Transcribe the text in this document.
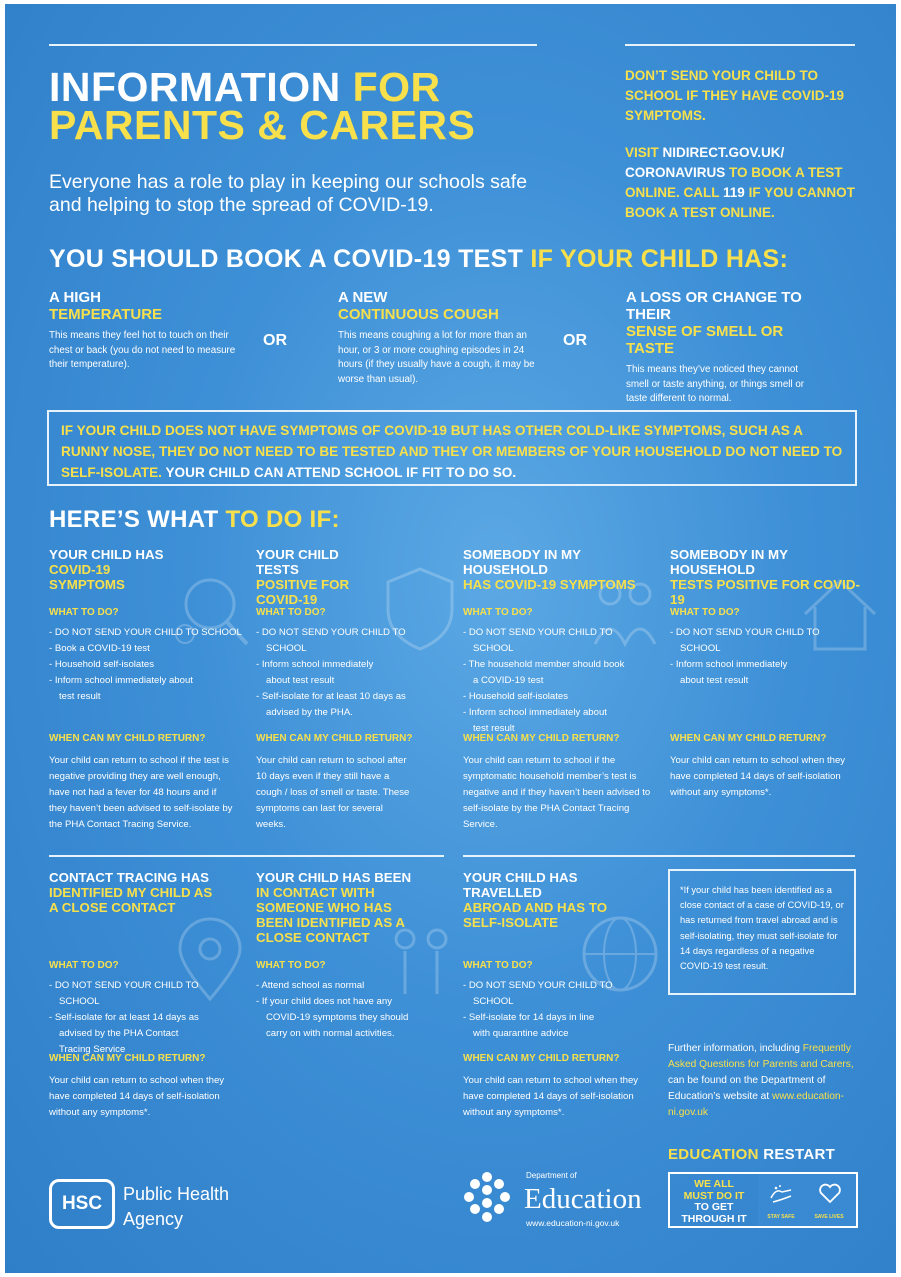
INFORMATION FOR
PARENTS & CARERS
Everyone has a role to play in keeping our schools safe and helping to stop the spread of COVID-19.
DON’T SEND YOUR CHILD TO SCHOOL IF THEY HAVE COVID-19 SYMPTOMS.
VISIT NIDIRECT.GOV.UK/
CORONAVIRUS TO BOOK A TEST ONLINE. CALL 119 IF YOU CANNOT BOOK A TEST ONLINE.
YOU SHOULD BOOK A COVID-19 TEST IF YOUR CHILD HAS:
A HIGH
TEMPERATURE
This means they feel hot to touch on their chest or back (you do not need to measure their temperature).
OR
A NEW
CONTINUOUS COUGH
This means coughing a lot for more than an hour, or 3 or more coughing episodes in 24 hours (if they usually have a cough, it may be worse than usual).
OR
A LOSS OR CHANGE TO THEIR
SENSE OF SMELL OR TASTE
This means they’ve noticed they cannot smell or taste anything, or things smell or taste different to normal.
IF YOUR CHILD DOES NOT HAVE SYMPTOMS OF COVID-19 BUT HAS OTHER COLD-LIKE SYMPTOMS, SUCH AS A RUNNY NOSE, THEY DO NOT NEED TO BE TESTED AND THEY OR MEMBERS OF YOUR HOUSEHOLD DO NOT NEED TO SELF-ISOLATE. YOUR CHILD CAN ATTEND SCHOOL IF FIT TO DO SO.
HERE’S WHAT TO DO IF:
YOUR CHILD HAS
COVID-19 SYMPTOMS
WHAT TO DO?
- DO NOT SEND YOUR CHILD TO SCHOOL
- Book a COVID-19 test
- Household self-isolates
- Inform school immediately about test result
WHEN CAN MY CHILD RETURN?
Your child can return to school if the test is negative providing they are well enough, have not had a fever for 48 hours and if they haven’t been advised to self-isolate by the PHA Contact Tracing Service.
YOUR CHILD TESTS
POSITIVE FOR COVID-19
WHAT TO DO?
- DO NOT SEND YOUR CHILD TO SCHOOL
- Inform school immediately about test result
- Self-isolate for at least 10 days as advised by the PHA.
WHEN CAN MY CHILD RETURN?
Your child can return to school after 10 days even if they still have a cough / loss of smell or taste. These symptoms can last for several weeks.
SOMEBODY IN MY HOUSEHOLD
HAS COVID-19 SYMPTOMS
WHAT TO DO?
- DO NOT SEND YOUR CHILD TO SCHOOL
- The household member should book a COVID-19 test
- Household self-isolates
- Inform school immediately about test result
WHEN CAN MY CHILD RETURN?
Your child can return to school if the symptomatic household member’s test is negative and if they haven’t been advised to self-isolate by the PHA Contact Tracing Service.
SOMEBODY IN MY HOUSEHOLD
TESTS POSITIVE FOR COVID-19
WHAT TO DO?
- DO NOT SEND YOUR CHILD TO SCHOOL
- Inform school immediately about test result
WHEN CAN MY CHILD RETURN?
Your child can return to school when they have completed 14 days of self-isolation without any symptoms*.
CONTACT TRACING HAS
IDENTIFIED MY CHILD AS A CLOSE CONTACT
WHAT TO DO?
- DO NOT SEND YOUR CHILD TO SCHOOL
- Self-isolate for at least 14 days as advised by the PHA Contact Tracing Service
WHEN CAN MY CHILD RETURN?
Your child can return to school when they have completed 14 days of self-isolation without any symptoms*.
YOUR CHILD HAS BEEN
IN CONTACT WITH SOMEONE WHO HAS BEEN IDENTIFIED AS A CLOSE CONTACT
WHAT TO DO?
- Attend school as normal
- If your child does not have any COVID-19 symptoms they should carry on with normal activities.
YOUR CHILD HAS TRAVELLED
ABROAD AND HAS TO SELF-ISOLATE
WHAT TO DO?
- DO NOT SEND YOUR CHILD TO SCHOOL
- Self-isolate for 14 days in line with quarantine advice
WHEN CAN MY CHILD RETURN?
Your child can return to school when they have completed 14 days of self-isolation without any symptoms*.
*If your child has been identified as a close contact of a case of COVID-19, or has returned from travel abroad and is self-isolating, they must self-isolate for 14 days regardless of a negative COVID-19 test result.
Further information, including Frequently Asked Questions for Parents and Carers, can be found on the Department of Education’s website at www.education-ni.gov.uk
EDUCATION RESTART
WE ALL
MUST DO IT
TO GET THROUGH IT	STAY SAFE	SAVE LIVES
HSC	Public Health
Agency
Department of
Education
www.education-ni.gov.uk
